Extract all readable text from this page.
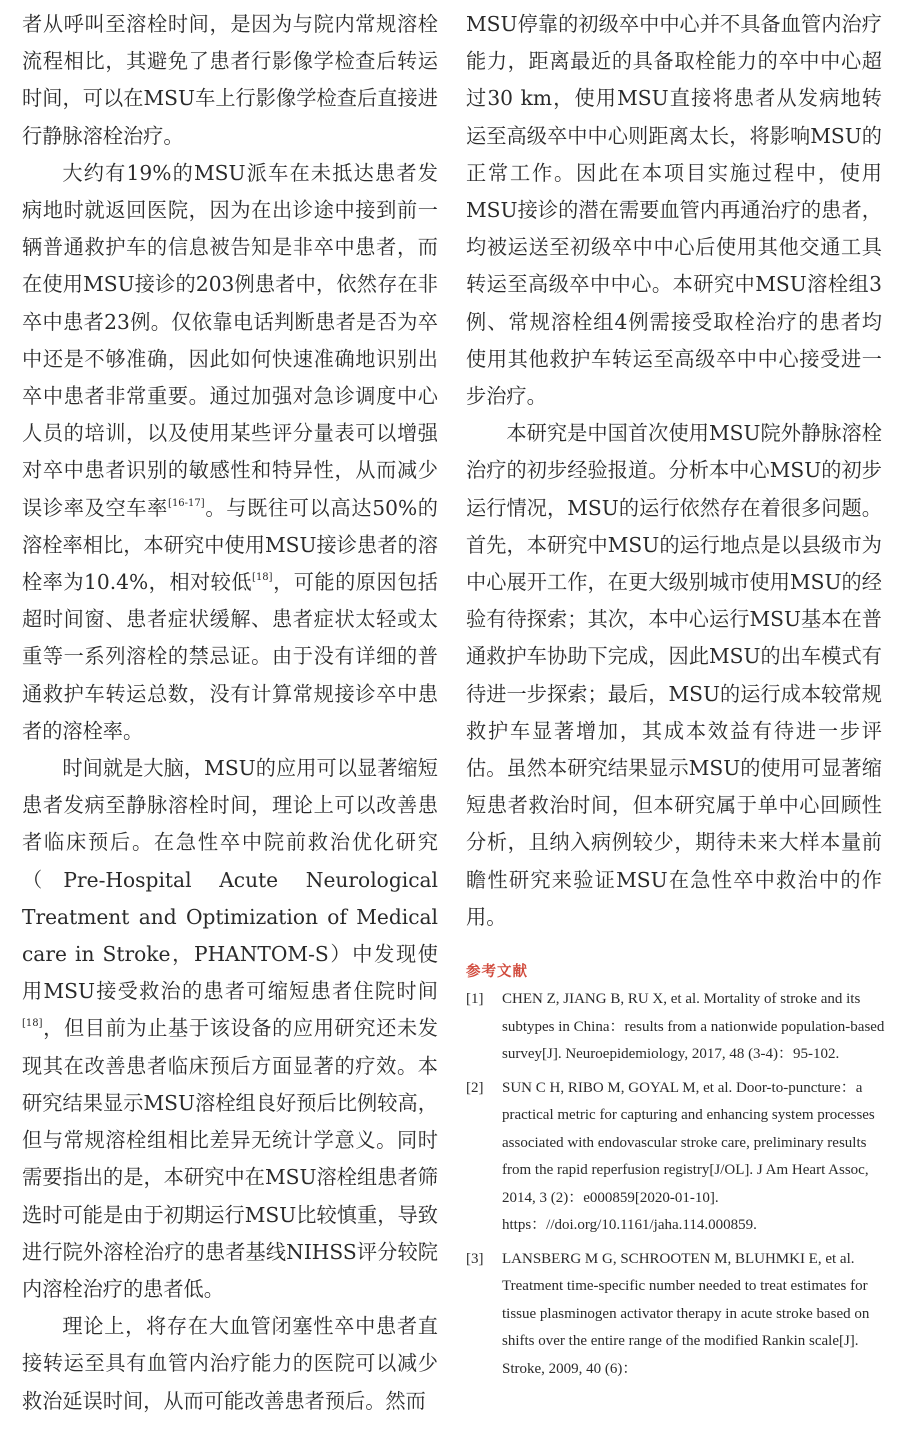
者从呼叫至溶栓时间，是因为与院内常规溶栓流程相比，其避免了患者行影像学检查后转运时间，可以在MSU车上行影像学检查后直接进行静脉溶栓治疗。

大约有19%的MSU派车在未抵达患者发病地时就返回医院，因为在出诊途中接到前一辆普通救护车的信息被告知是非卒中患者，而在使用MSU接诊的203例患者中，依然存在非卒中患者23例。仅依靠电话判断患者是否为卒中还是不够准确，因此如何快速准确地识别出卒中患者非常重要。通过加强对急诊调度中心人员的培训，以及使用某些评分量表可以增强对卒中患者识别的敏感性和特异性，从而减少误诊率及空车率[16-17]。与既往可以高达50%的溶栓率相比，本研究中使用MSU接诊患者的溶栓率为10.4%，相对较低[18]，可能的原因包括超时间窗、患者症状缓解、患者症状太轻或太重等一系列溶栓的禁忌证。由于没有详细的普通救护车转运总数，没有计算常规接诊卒中患者的溶栓率。

时间就是大脑，MSU的应用可以显著缩短患者发病至静脉溶栓时间，理论上可以改善患者临床预后。在急性卒中院前救治优化研究（Pre-Hospital Acute Neurological Treatment and Optimization of Medical care in Stroke，PHANTOM-S）中发现使用MSU接受救治的患者可缩短患者住院时间[18]，但目前为止基于该设备的应用研究还未发现其在改善患者临床预后方面显著的疗效。本研究结果显示MSU溶栓组良好预后比例较高，但与常规溶栓组相比差异无统计学意义。同时需要指出的是，本研究中在MSU溶栓组患者筛选时可能是由于初期运行MSU比较慎重，导致进行院外溶栓治疗的患者基线NIHSS评分较院内溶栓治疗的患者低。

理论上，将存在大血管闭塞性卒中患者直接转运至具有血管内治疗能力的医院可以减少救治延误时间，从而可能改善患者预后。然而

MSU停靠的初级卒中中心并不具备血管内治疗能力，距离最近的具备取栓能力的卒中中心超过30 km，使用MSU直接将患者从发病地转运至高级卒中中心则距离太长，将影响MSU的正常工作。因此在本项目实施过程中，使用MSU接诊的潜在需要血管内再通治疗的患者，均被运送至初级卒中中心后使用其他交通工具转运至高级卒中中心。本研究中MSU溶栓组3例、常规溶栓组4例需接受取栓治疗的患者均使用其他救护车转运至高级卒中中心接受进一步治疗。

本研究是中国首次使用MSU院外静脉溶栓治疗的初步经验报道。分析本中心MSU的初步运行情况，MSU的运行依然存在着很多问题。首先，本研究中MSU的运行地点是以县级市为中心展开工作，在更大级别城市使用MSU的经验有待探索；其次，本中心运行MSU基本在普通救护车协助下完成，因此MSU的出车模式有待进一步探索；最后，MSU的运行成本较常规救护车显著增加，其成本效益有待进一步评估。虽然本研究结果显示MSU的使用可显著缩短患者救治时间，但本研究属于单中心回顾性分析，且纳入病例较少，期待未来大样本量前瞻性研究来验证MSU在急性卒中救治中的作用。

参考文献
[1]	CHEN Z, JIANG B, RU X, et al. Mortality of stroke and its subtypes in China：results from a nationwide population-based survey[J]. Neuroepidemiology, 2017, 48 (3-4)：95-102.
[2]	SUN C H, RIBO M, GOYAL M, et al. Door-to-puncture：a practical metric for capturing and enhancing system processes associated with endovascular stroke care, preliminary results from the rapid reperfusion registry[J/OL]. J Am Heart Assoc, 2014, 3 (2)：e000859[2020-01-10]. https：//doi.org/10.1161/jaha.114.000859.
[3]	LANSBERG M G, SCHROOTEN M, BLUHMKI E, et al. Treatment time-specific number needed to treat estimates for tissue plasminogen activator therapy in acute stroke based on shifts over the entire range of the modified Rankin scale[J]. Stroke, 2009, 40 (6)：
